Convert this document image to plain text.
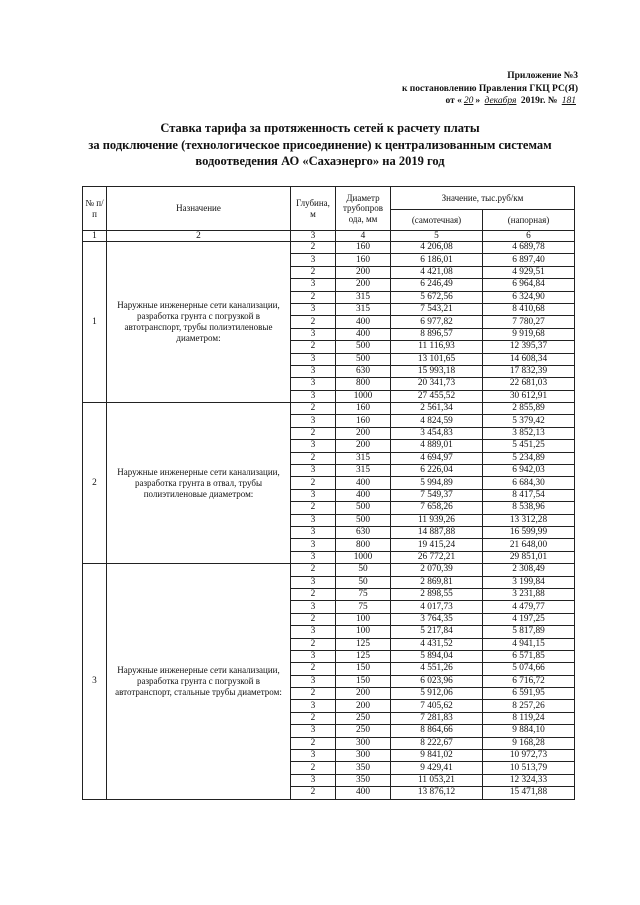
Приложение №3
к постановлению Правления ГКЦ РС(Я)
от « 20 » декабря 2019г. № 181
Ставка тарифа за протяженность сетей к расчету платы
за подключение (технологическое присоединение) к централизованным системам
водоотведения АО «Сахаэнерго» на 2019 год
№ п/п	Назначение	Глубина, м	Диаметр трубопров ода, мм	Значение, тыс.руб/км	
				(самотечная)	(напорная)
1	2	3	4	5	6
1	Наружные инженерные сети канализации, разработка грунта с погрузкой в автотранспорт, трубы полиэтиленовые диаметром:	2	160	4 206,08	4 689,78
		3	160	6 186,01	6 897,40
		2	200	4 421,08	4 929,51
		3	200	6 246,49	6 964,84
		2	315	5 672,56	6 324,90
		3	315	7 543,21	8 410,68
		2	400	6 977,82	7 780,27
		3	400	8 896,57	9 919,68
		2	500	11 116,93	12 395,37
		3	500	13 101,65	14 608,34
		3	630	15 993,18	17 832,39
		3	800	20 341,73	22 681,03
		3	1000	27 455,52	30 612,91
2	Наружные инженерные сети канализации, разработка грунта в отвал, трубы полиэтиленовые диаметром:	2	160	2 561,34	2 855,89
		3	160	4 824,59	5 379,42
		2	200	3 454,83	3 852,13
		3	200	4 889,01	5 451,25
		2	315	4 694,97	5 234,89
		3	315	6 226,04	6 942,03
		2	400	5 994,89	6 684,30
		3	400	7 549,37	8 417,54
		2	500	7 658,26	8 538,96
		3	500	11 939,26	13 312,28
		3	630	14 887,88	16 599,99
		3	800	19 415,24	21 648,00
		3	1000	26 772,21	29 851,01
3	Наружные инженерные сети канализации, разработка грунта с погрузкой в автотранспорт, стальные трубы диаметром:	2	50	2 070,39	2 308,49
		3	50	2 869,81	3 199,84
		2	75	2 898,55	3 231,88
		3	75	4 017,73	4 479,77
		2	100	3 764,35	4 197,25
		3	100	5 217,84	5 817,89
		2	125	4 431,52	4 941,15
		3	125	5 894,04	6 571,85
		2	150	4 551,26	5 074,66
		3	150	6 023,96	6 716,72
		2	200	5 912,06	6 591,95
		3	200	7 405,62	8 257,26
		2	250	7 281,83	8 119,24
		3	250	8 864,66	9 884,10
		2	300	8 222,67	9 168,28
		3	300	9 841,02	10 972,73
		2	350	9 429,41	10 513,79
		3	350	11 053,21	12 324,33
		2	400	13 876,12	15 471,88
